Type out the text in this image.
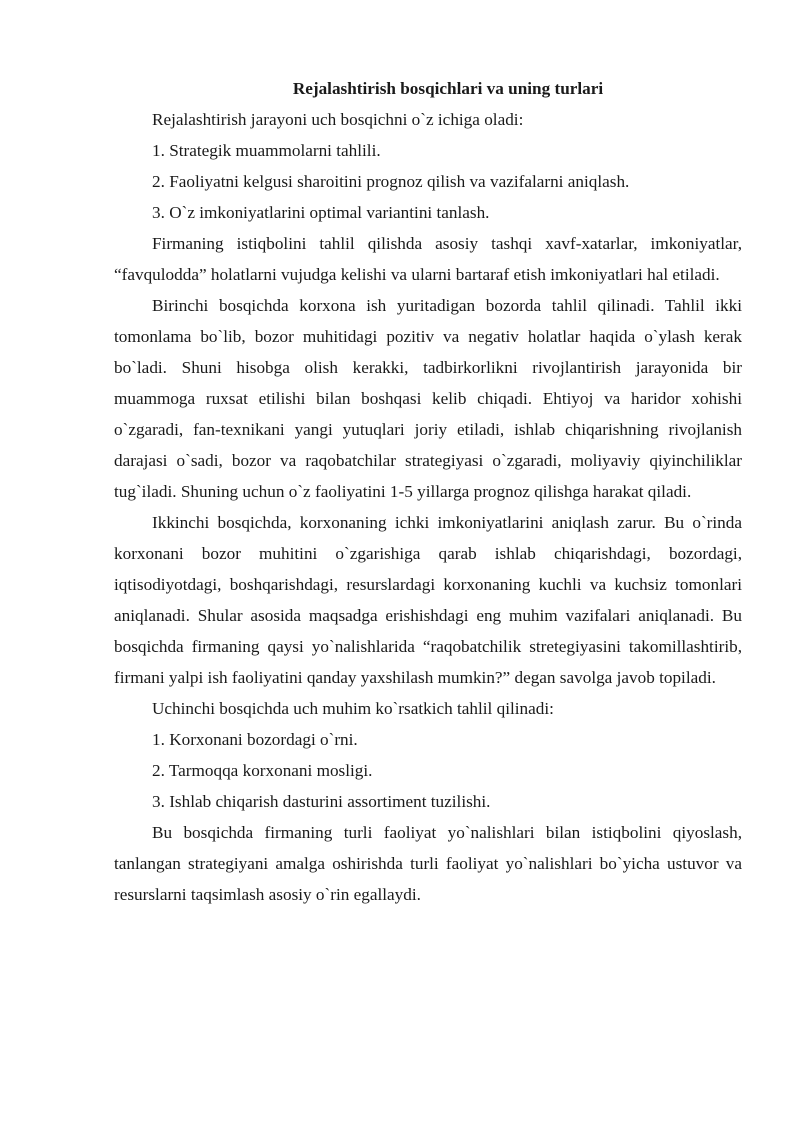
Rejalashtirish bosqichlari va uning turlari

Rejalashtirish jarayoni uch bosqichni o`z ichiga oladi:

1. Strategik muammolarni tahlili.

2. Faoliyatni kelgusi sharoitini prognoz qilish va vazifalarni aniqlash.

3. O`z imkoniyatlarini optimal variantini tanlash.

Firmaning istiqbolini tahlil qilishda asosiy tashqi xavf-xatarlar, imkoniyatlar, “favqulodda” holatlarni vujudga kelishi va ularni bartaraf etish imkoniyatlari hal etiladi.

Birinchi bosqichda korxona ish yuritadigan bozorda tahlil qilinadi. Tahlil ikki tomonlama bo`lib, bozor muhitidagi pozitiv va negativ holatlar haqida o`ylash kerak bo`ladi. Shuni hisobga olish kerakki, tadbirkorlikni rivojlantirish jarayonida bir muammoga ruxsat etilishi bilan boshqasi kelib chiqadi. Ehtiyoj va haridor xohishi o`zgaradi, fan-texnikani yangi yutuqlari joriy etiladi, ishlab chiqarishning rivojlanish darajasi o`sadi, bozor va raqobatchilar strategiyasi o`zgaradi, moliyaviy qiyinchiliklar tug`iladi. Shuning uchun o`z faoliyatini 1-5 yillarga prognoz qilishga harakat qiladi.

Ikkinchi bosqichda, korxonaning ichki imkoniyatlarini aniqlash zarur. Bu o`rinda korxonani bozor muhitini o`zgarishiga qarab ishlab chiqarishdagi, bozordagi, iqtisodiyotdagi, boshqarishdagi, resurslardagi korxonaning kuchli va kuchsiz tomonlari aniqlanadi. Shular asosida maqsadga erishishdagi eng muhim vazifalari aniqlanadi. Bu bosqichda firmaning qaysi yo`nalishlarida “raqobatchilik stretegiyasini takomillashtirib, firmani yalpi ish faoliyatini qanday yaxshilash mumkin?” degan savolga javob topiladi.

Uchinchi bosqichda uch muhim ko`rsatkich tahlil qilinadi:

1. Korxonani bozordagi o`rni.

2. Tarmoqqa korxonani mosligi.

3. Ishlab chiqarish dasturini assortiment tuzilishi.

Bu bosqichda firmaning turli faoliyat yo`nalishlari bilan istiqbolini qiyoslash, tanlangan strategiyani amalga oshirishda turli faoliyat yo`nalishlari bo`yicha ustuvor va resurslarni taqsimlash asosiy o`rin egallaydi.
